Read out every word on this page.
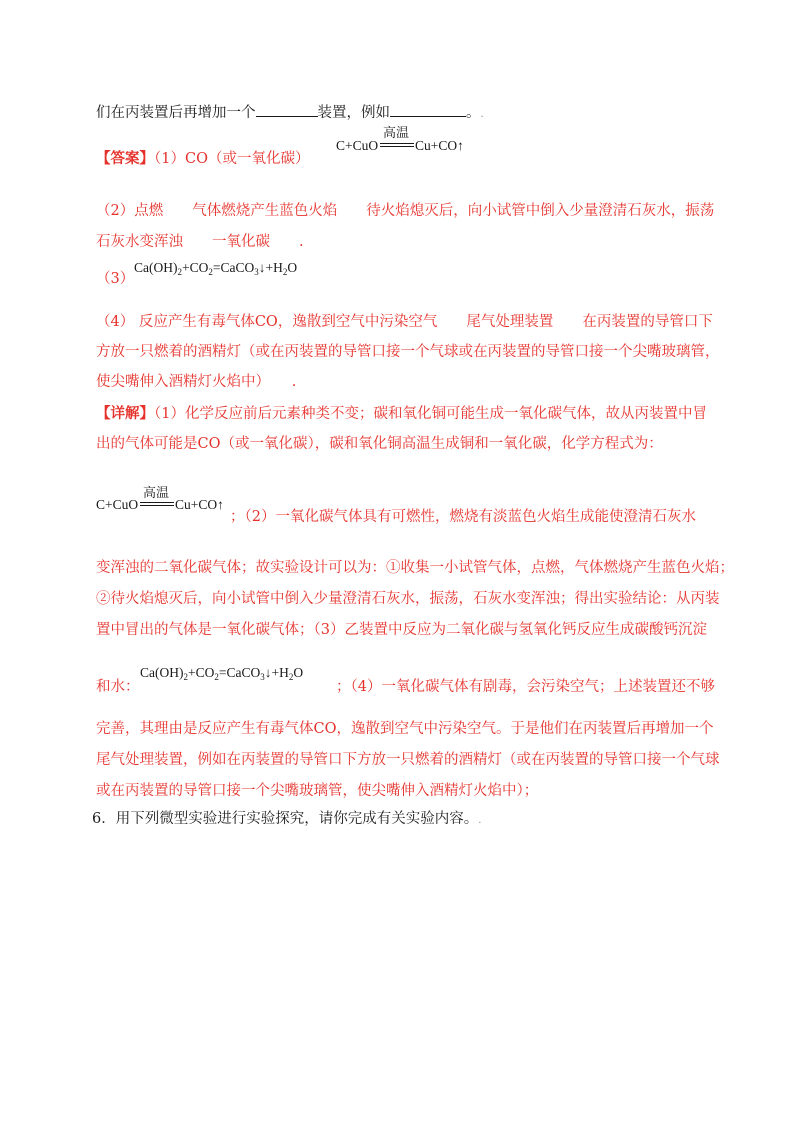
们在丙装置后再增加一个	装置，例如	。.
【答案】（1）CO（或一氧化碳）
C+CuO
高温
Cu+CO↑
（2）点燃　　气体燃烧产生蓝色火焰　　待火焰熄灭后，向小试管中倒入少量澄清石灰水，振荡
石灰水变浑浊　　一氧化碳　　.
（3）
$Ca(OH)_2+CO_2=CaCO_3↓+H_2O$
（4） 反应产生有毒气体CO，逸散到空气中污染空气　　尾气处理装置　　在丙装置的导管口下
方放一只燃着的酒精灯（或在丙装置的导管口接一个气球或在丙装置的导管口接一个尖嘴玻璃管，
使尖嘴伸入酒精灯火焰中）　　.
【详解】（1）化学反应前后元素种类不变；碳和氧化铜可能生成一氧化碳气体，故从丙装置中冒
出的气体可能是CO（或一氧化碳），碳和氧化铜高温生成铜和一氧化碳，化学方程式为：
C+CuO
高温
Cu+CO↑
；（2）一氧化碳气体具有可燃性，燃烧有淡蓝色火焰生成能使澄清石灰水
变浑浊的二氧化碳气体；故实验设计可以为：①收集一小试管气体，点燃，气体燃烧产生蓝色火焰；
②待火焰熄灭后，向小试管中倒入少量澄清石灰水，振荡，石灰水变浑浊；得出实验结论：从丙装
置中冒出的气体是一氧化碳气体；（3）乙装置中反应为二氧化碳与氢氧化钙反应生成碳酸钙沉淀
和水：
$Ca(OH)_2+CO_2=CaCO_3↓+H_2O$
；（4）一氧化碳气体有剧毒，会污染空气；上述装置还不够
完善，其理由是反应产生有毒气体CO，逸散到空气中污染空气。于是他们在丙装置后再增加一个
尾气处理装置，例如在丙装置的导管口下方放一只燃着的酒精灯（或在丙装置的导管口接一个气球
或在丙装置的导管口接一个尖嘴玻璃管，使尖嘴伸入酒精灯火焰中）；
6．用下列微型实验进行实验探究，请你完成有关实验内容。.
